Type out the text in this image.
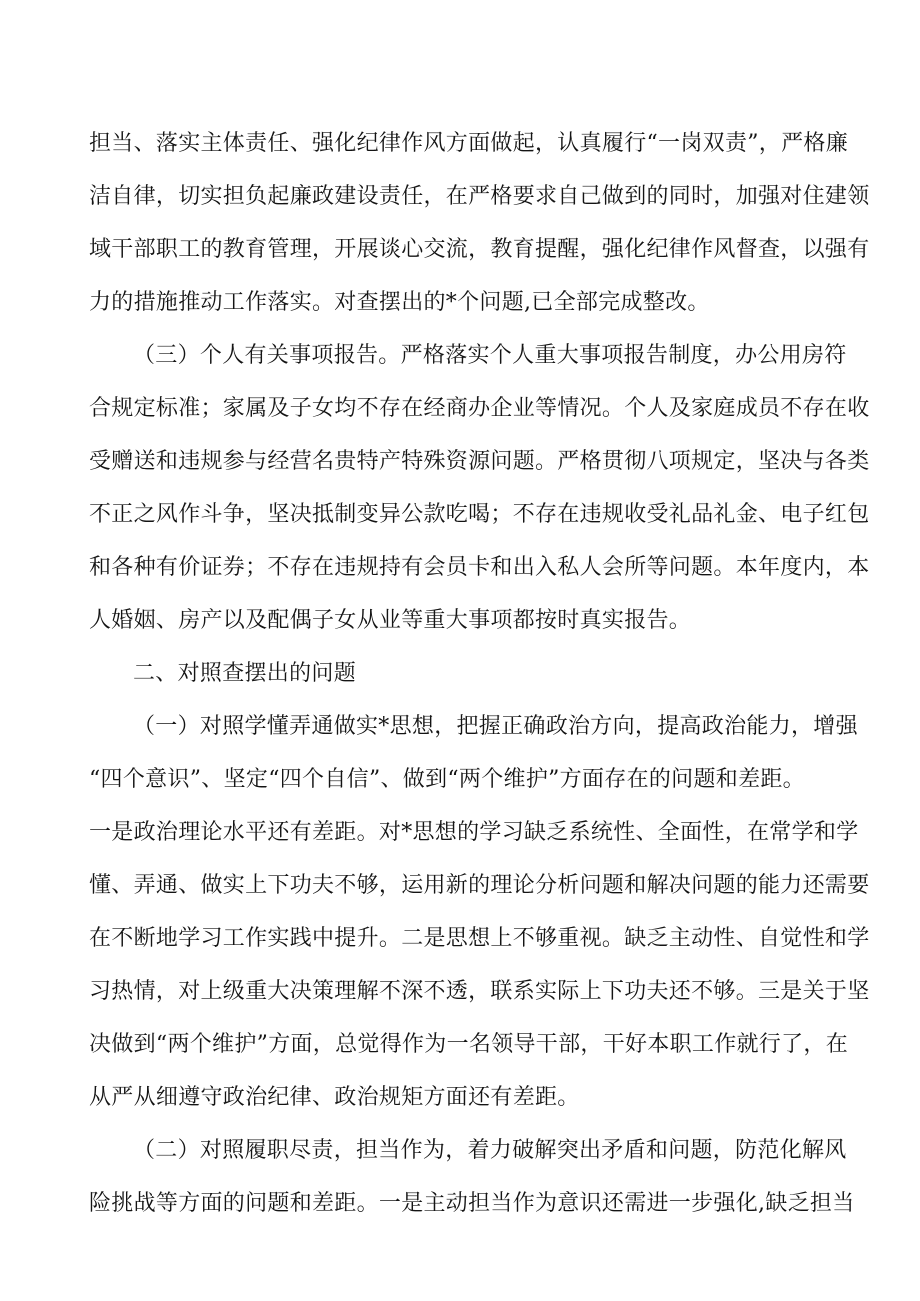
担当、落实主体责任、强化纪律作风方面做起，认真履行“一岗双责”，严格廉
洁自律，切实担负起廉政建设责任，在严格要求自己做到的同时，加强对住建领
域干部职工的教育管理，开展谈心交流，教育提醒，强化纪律作风督查，以强有
力的措施推动工作落实。对查摆出的*个问题,已全部完成整改。
（三）个人有关事项报告。严格落实个人重大事项报告制度，办公用房符
合规定标准；家属及子女均不存在经商办企业等情况。个人及家庭成员不存在收
受赠送和违规参与经营名贵特产特殊资源问题。严格贯彻八项规定，坚决与各类
不正之风作斗争，坚决抵制变异公款吃喝；不存在违规收受礼品礼金、电子红包
和各种有价证券；不存在违规持有会员卡和出入私人会所等问题。本年度内，本
人婚姻、房产以及配偶子女从业等重大事项都按时真实报告。
二、对照查摆出的问题
（一）对照学懂弄通做实*思想，把握正确政治方向，提高政治能力，增强
“四个意识”、坚定“四个自信”、做到“两个维护”方面存在的问题和差距。
一是政治理论水平还有差距。对*思想的学习缺乏系统性、全面性，在常学和学
懂、弄通、做实上下功夫不够，运用新的理论分析问题和解决问题的能力还需要
在不断地学习工作实践中提升。二是思想上不够重视。缺乏主动性、自觉性和学
习热情，对上级重大决策理解不深不透，联系实际上下功夫还不够。三是关于坚
决做到“两个维护”方面，总觉得作为一名领导干部，干好本职工作就行了，在
从严从细遵守政治纪律、政治规矩方面还有差距。
（二）对照履职尽责，担当作为，着力破解突出矛盾和问题，防范化解风
险挑战等方面的问题和差距。一是主动担当作为意识还需进一步强化,缺乏担当
